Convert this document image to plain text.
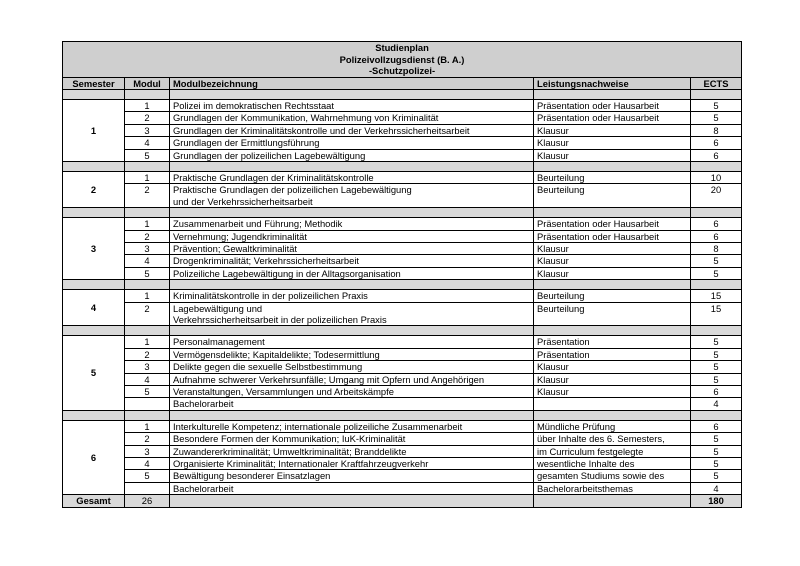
Studienplan
Polizeivollzugsdienst (B. A.)
-Schutzpolizei-				

Semester	Modul	Modulbezeichnung	Leistungsnachweise	ECTS

1	1	Polizei im demokratischen Rechtsstaat	Präsentation oder Hausarbeit	5
	2	Grundlagen der Kommunikation, Wahrnehmung von Kriminalität	Präsentation oder Hausarbeit	5
	3	Grundlagen der Kriminalitätskontrolle und der Verkehrssicherheitsarbeit	Klausur	8
	4	Grundlagen der Ermittlungsführung	Klausur	6
	5	Grundlagen der polizeilichen Lagebewältigung	Klausur	6

2	1	Praktische Grundlagen der Kriminalitätskontrolle	Beurteilung	10
	2	Praktische Grundlagen der polizeilichen Lagebewältigung
und der Verkehrssicherheitsarbeit	Beurteilung	20

3	1	Zusammenarbeit und Führung; Methodik	Präsentation oder Hausarbeit	6
	2	Vernehmung; Jugendkriminalität	Präsentation oder Hausarbeit	6
	3	Prävention; Gewaltkriminalität	Klausur	8
	4	Drogenkriminalität; Verkehrssicherheitsarbeit	Klausur	5
	5	Polizeiliche Lagebewältigung in der Alltagsorganisation	Klausur	5

4	1	Kriminalitätskontrolle in der polizeilichen Praxis	Beurteilung	15
	2	Lagebewältigung und
Verkehrssicherheitsarbeit in der polizeilichen Praxis	Beurteilung	15

5	1	Personalmanagement	Präsentation	5
	2	Vermögensdelikte; Kapitaldelikte; Todesermittlung	Präsentation	5
	3	Delikte gegen die sexuelle Selbstbestimmung	Klausur	5
	4	Aufnahme schwerer Verkehrsunfälle; Umgang mit Opfern und Angehörigen	Klausur	5
	5	Veranstaltungen, Versammlungen und Arbeitskämpfe	Klausur	6

		Bachelorarbeit		4

6	1	Interkulturelle Kompetenz; internationale polizeiliche Zusammenarbeit	Mündliche Prüfung	6
	2	Besondere Formen der Kommunikation; IuK-Kriminalität	über Inhalte des 6. Semesters,	5
	3	Zuwandererkriminalität; Umweltkriminalität; Branddelikte	im Curriculum festgelegte	5
	4	Organisierte Kriminalität; Internationaler Kraftfahrzeugverkehr	wesentliche Inhalte des	5
	5	Bewältigung besonderer Einsatzlagen	gesamten Studiums sowie des	5

		Bachelorarbeit	Bachelorarbeitsthemas	4
Gesamt	26			180
